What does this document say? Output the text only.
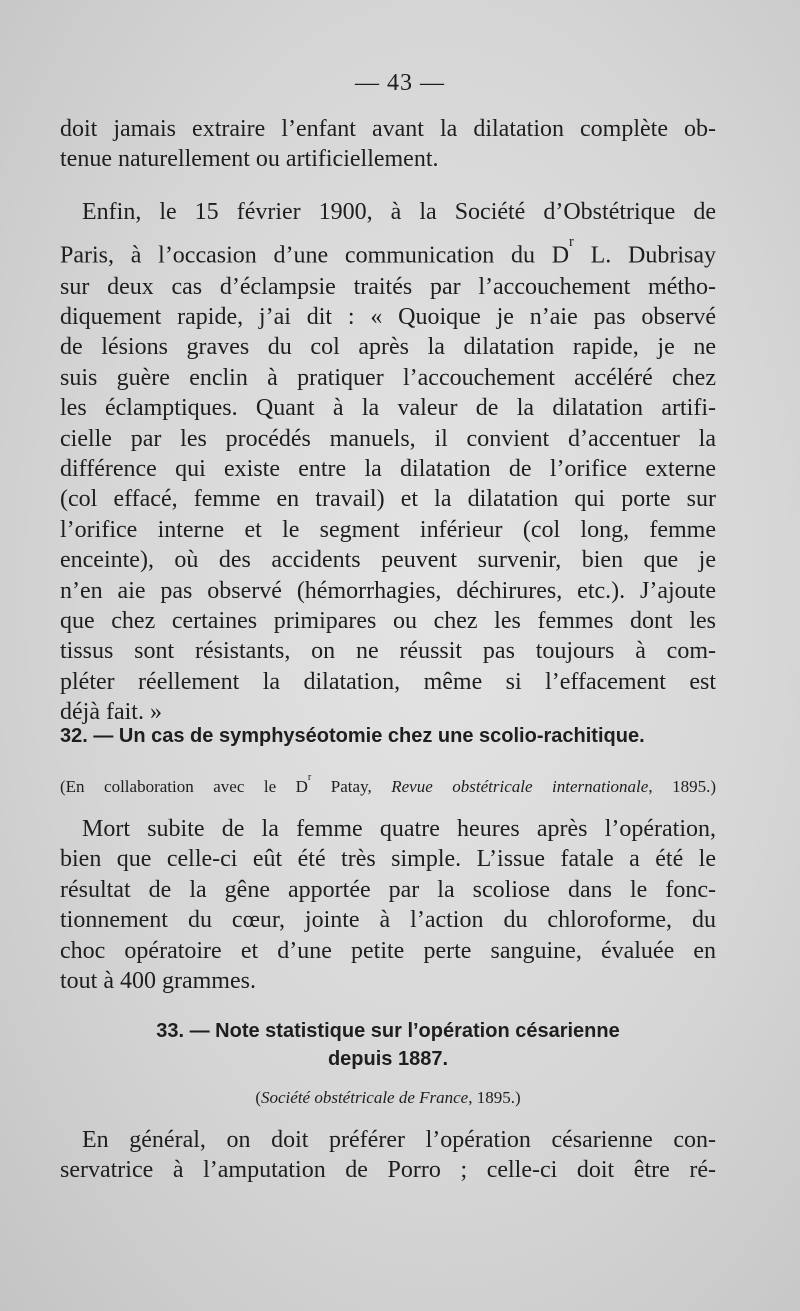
— 43 —
doit jamais extraire l’enfant avant la dilatation complète ob-
tenue naturellement ou artificiellement.
Enfin, le 15 février 1900, à la Société d’Obstétrique de
Paris, à l’occasion d’une communication du $D^r$ L. Dubrisay
sur deux cas d’éclampsie traités par l’accouchement métho-
diquement rapide, j’ai dit : « Quoique je n’aie pas observé
de lésions graves du col après la dilatation rapide, je ne
suis guère enclin à pratiquer l’accouchement accéléré chez
les éclamptiques. Quant à la valeur de la dilatation artifi-
cielle par les procédés manuels, il convient d’accentuer la
différence qui existe entre la dilatation de l’orifice externe
(col effacé, femme en travail) et la dilatation qui porte sur
l’orifice interne et le segment inférieur (col long, femme
enceinte), où des accidents peuvent survenir, bien que je
n’en aie pas observé (hémorrhagies, déchirures, etc.). J’ajoute
que chez certaines primipares ou chez les femmes dont les
tissus sont résistants, on ne réussit pas toujours à com-
pléter réellement la dilatation, même si l’effacement est
déjà fait. »
32. — Un cas de symphyséotomie chez une scolio-rachitique.
(En collaboration avec le $D^r$ Patay, Revue obstétricale internationale, 1895.)
Mort subite de la femme quatre heures après l’opération,
bien que celle-ci eût été très simple. L’issue fatale a été le
résultat de la gêne apportée par la scoliose dans le fonc-
tionnement du cœur, jointe à l’action du chloroforme, du
choc opératoire et d’une petite perte sanguine, évaluée en
tout à 400 grammes.
33. — Note statistique sur l’opération césarienne
depuis 1887.
(Société obstétricale de France, 1895.)
En général, on doit préférer l’opération césarienne con-
servatrice à l’amputation de Porro ; celle-ci doit être ré-
